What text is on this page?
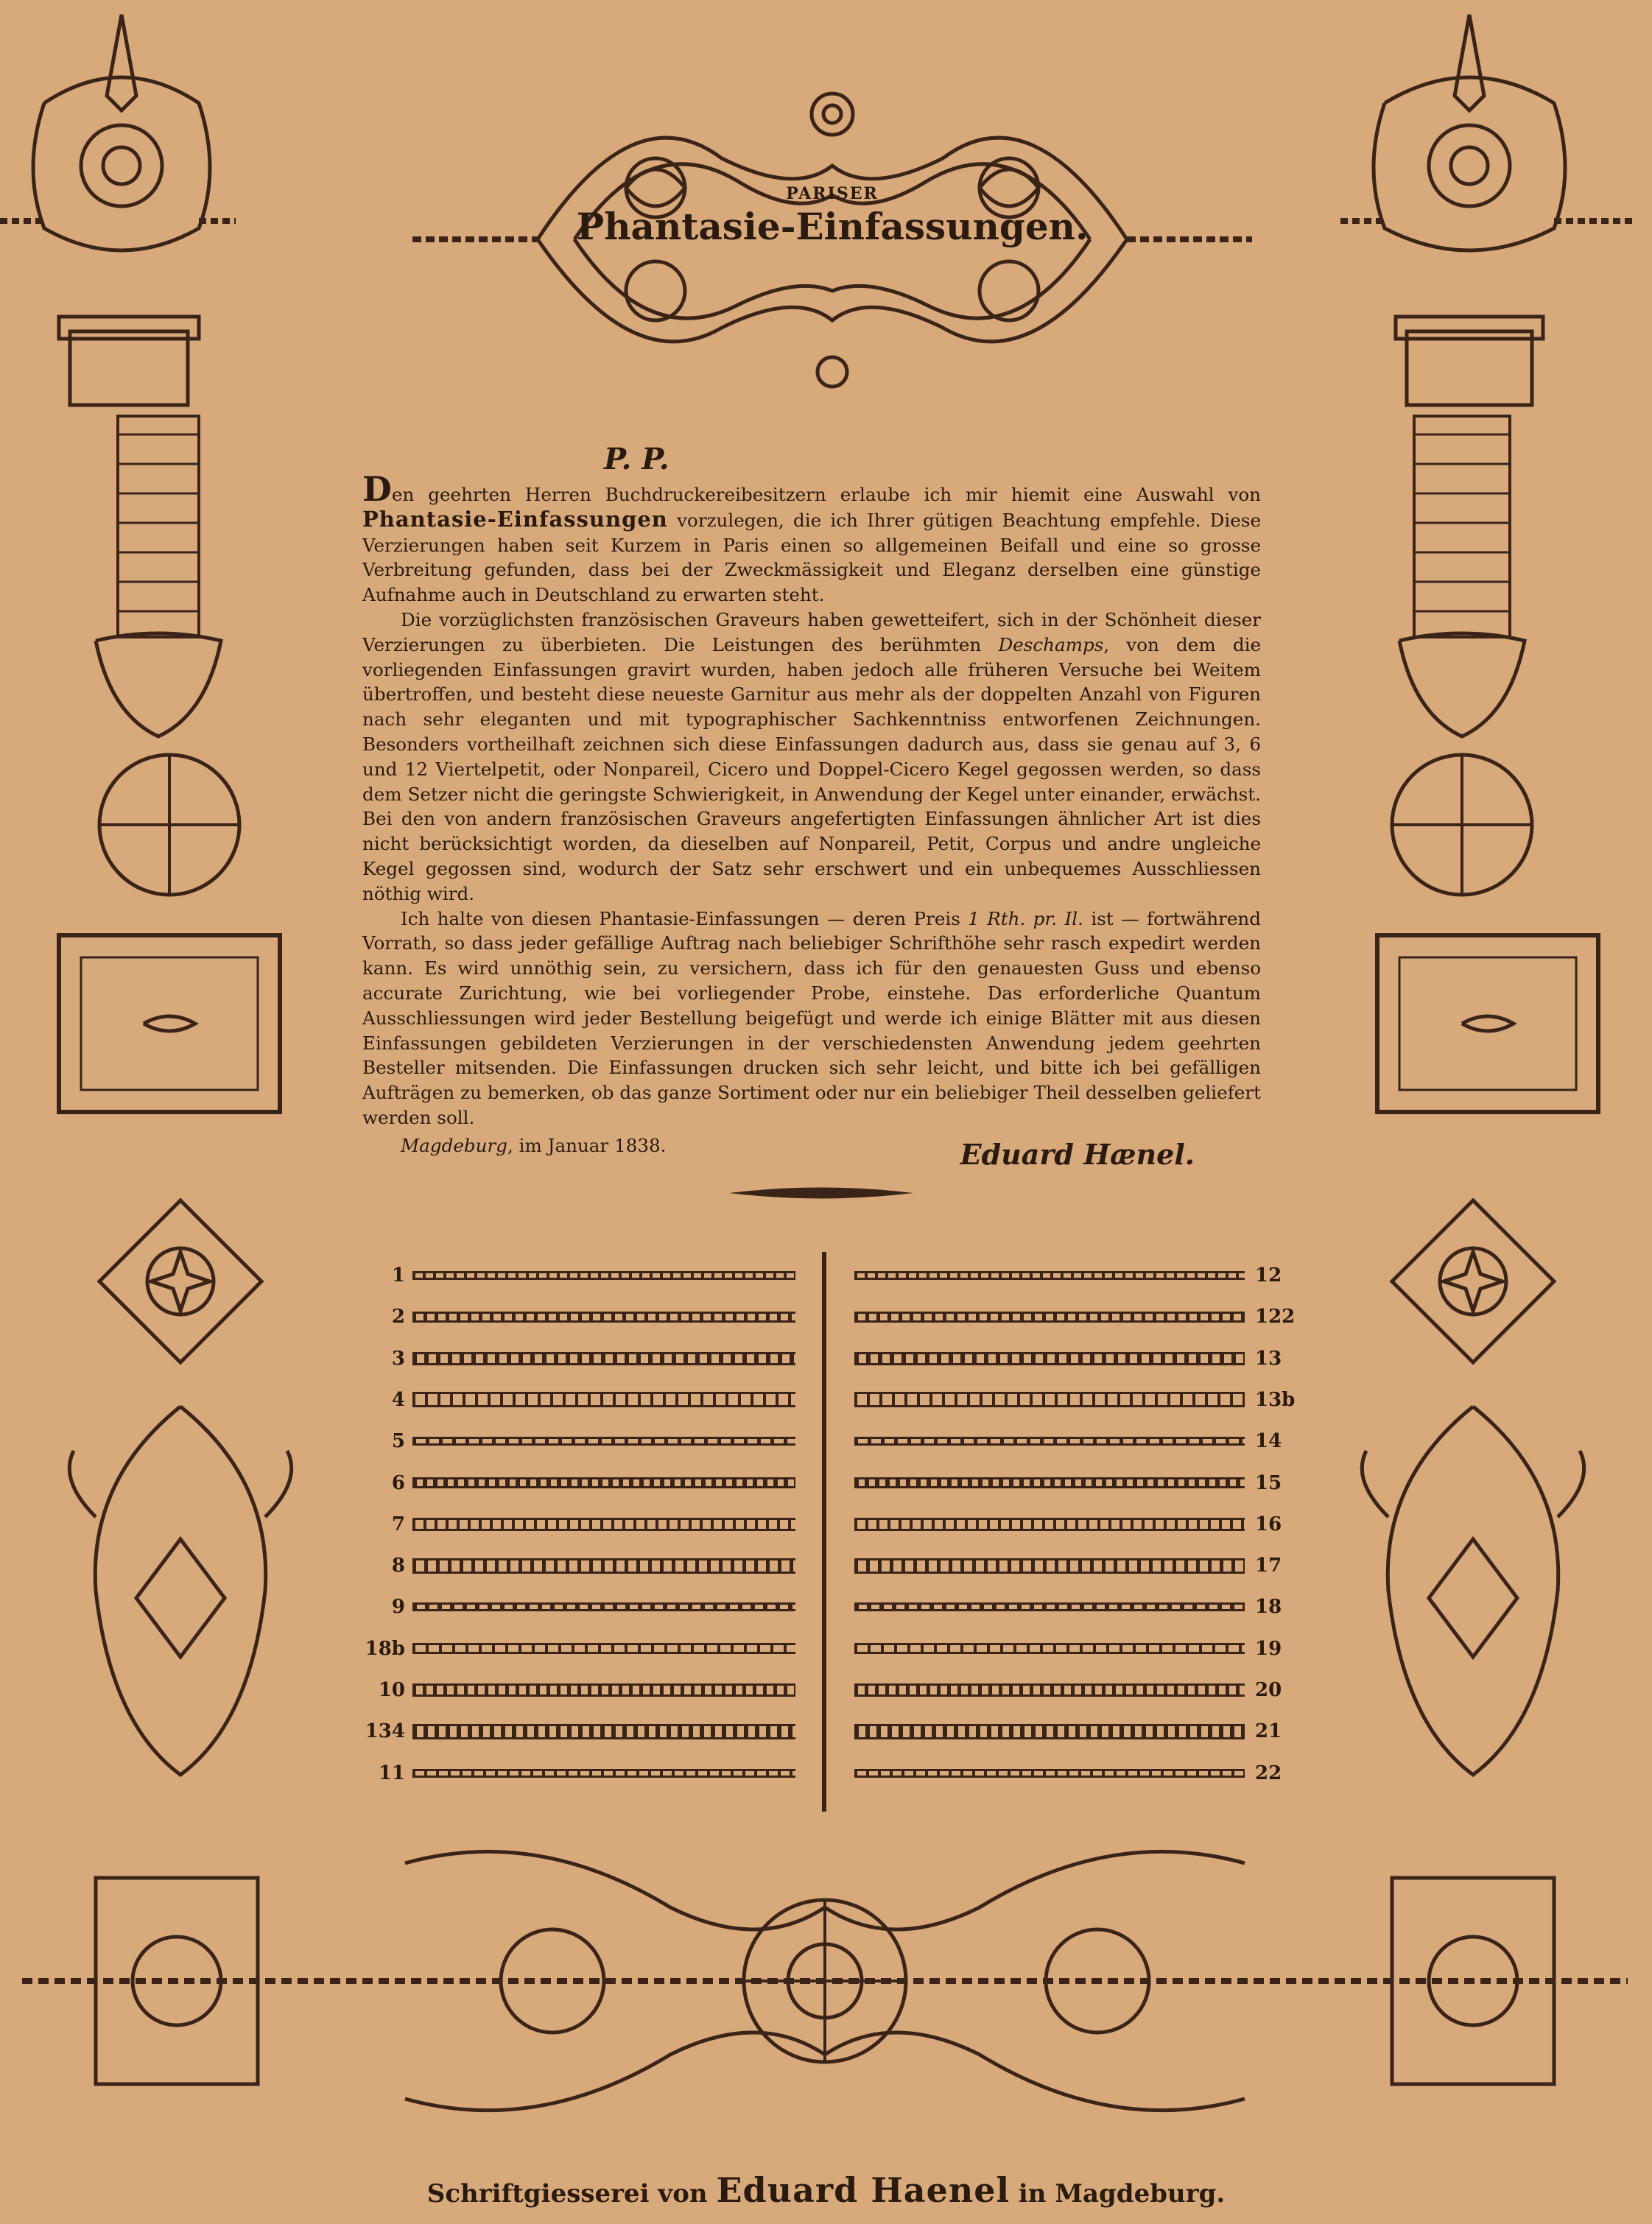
PARISER
Phantasie-Einfassungen.
P. P.

Den geehrten Herren Buchdruckereibesitzern erlaube ich mir hiemit eine Auswahl von Phantasie-Einfassungen vorzulegen, die ich Ihrer gütigen Beachtung empfehle. Diese Verzierungen haben seit Kurzem in Paris einen so allgemeinen Beifall und eine so grosse Verbreitung gefunden, dass bei der Zweckmässigkeit und Eleganz derselben eine günstige Aufnahme auch in Deutschland zu erwarten steht.

Die vorzüglichsten französischen Graveurs haben gewetteifert, sich in der Schönheit dieser Verzierungen zu überbieten. Die Leistungen des berühmten Deschamps, von dem die vorliegenden Einfassungen gravirt wurden, haben jedoch alle früheren Versuche bei Weitem übertroffen, und besteht diese neueste Garnitur aus mehr als der doppelten Anzahl von Figuren nach sehr eleganten und mit typographischer Sachkenntniss entworfenen Zeichnungen. Besonders vortheilhaft zeichnen sich diese Einfassungen dadurch aus, dass sie genau auf 3, 6 und 12 Viertelpetit, oder Nonpareil, Cicero und Doppel-Cicero Kegel gegossen werden, so dass dem Setzer nicht die geringste Schwierigkeit, in Anwendung der Kegel unter einander, erwächst. Bei den von andern französischen Graveurs angefertigten Einfassungen ähnlicher Art ist dies nicht berücksichtigt worden, da dieselben auf Nonpareil, Petit, Corpus und andre ungleiche Kegel gegossen sind, wodurch der Satz sehr erschwert und ein unbequemes Ausschliessen nöthig wird.

Ich halte von diesen Phantasie-Einfassungen — deren Preis 1 Rth. pr. Il. ist — fortwährend Vorrath, so dass jeder gefällige Auftrag nach beliebiger Schrifthöhe sehr rasch expedirt werden kann. Es wird unnöthig sein, zu versichern, dass ich für den genauesten Guss und ebenso accurate Zurichtung, wie bei vorliegender Probe, einstehe. Das erforderliche Quantum Ausschliessungen wird jeder Bestellung beigefügt und werde ich einige Blätter mit aus diesen Einfassungen gebildeten Verzierungen in der verschiedensten Anwendung jedem geehrten Besteller mitsenden. Die Einfassungen drucken sich sehr leicht, und bitte ich bei gefälligen Aufträgen zu bemerken, ob das ganze Sortiment oder nur ein beliebiger Theil desselben geliefert werden soll.

Magdeburg, im Januar 1838.	Eduard Hænel.
Schriftgiesserei von Eduard Haenel in Magdeburg.
1
2
3
4
5
6
7
8
9
18b
10
134
11
12
122
13
13b
14
15
16
17
18
19
20
21
22
